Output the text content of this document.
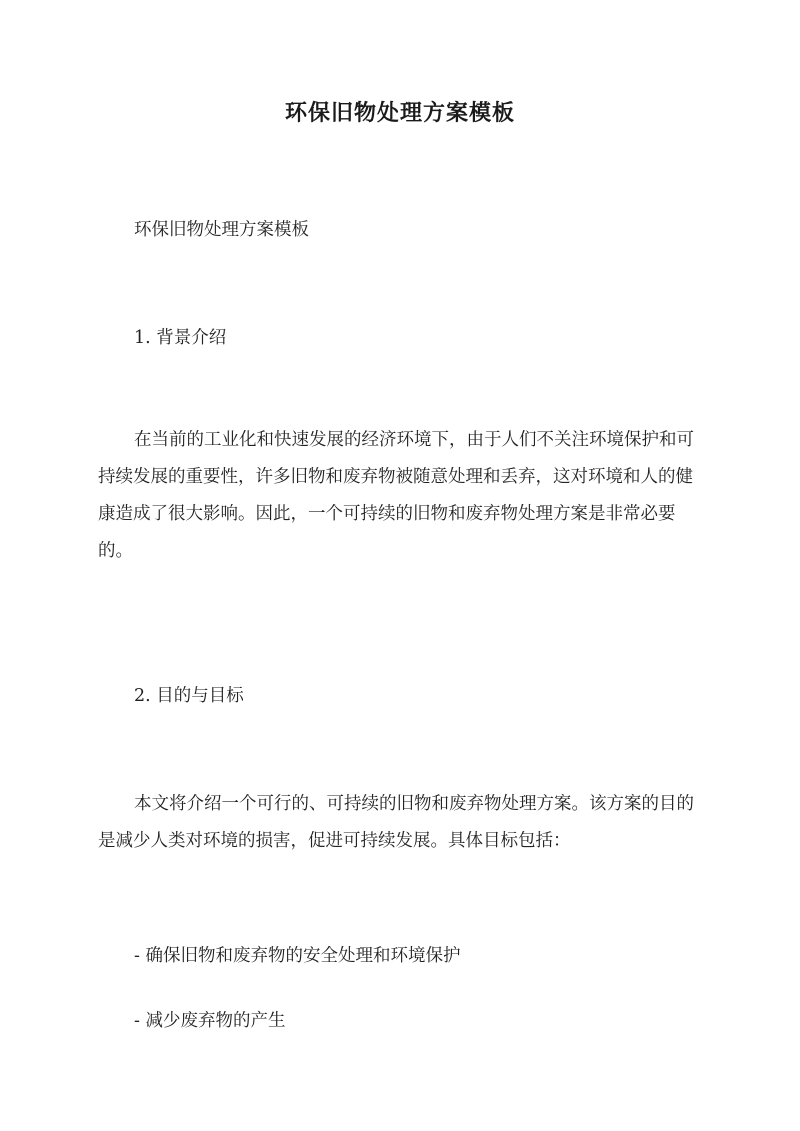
环保旧物处理方案模板
环保旧物处理方案模板
1. 背景介绍
在当前的工业化和快速发展的经济环境下，由于人们不关注环境保护和可持续发展的重要性，许多旧物和废弃物被随意处理和丢弃，这对环境和人的健康造成了很大影响。因此，一个可持续的旧物和废弃物处理方案是非常必要的。
2. 目的与目标
本文将介绍一个可行的、可持续的旧物和废弃物处理方案。该方案的目的是减少人类对环境的损害，促进可持续发展。具体目标包括：
- 确保旧物和废弃物的安全处理和环境保护
- 减少废弃物的产生
